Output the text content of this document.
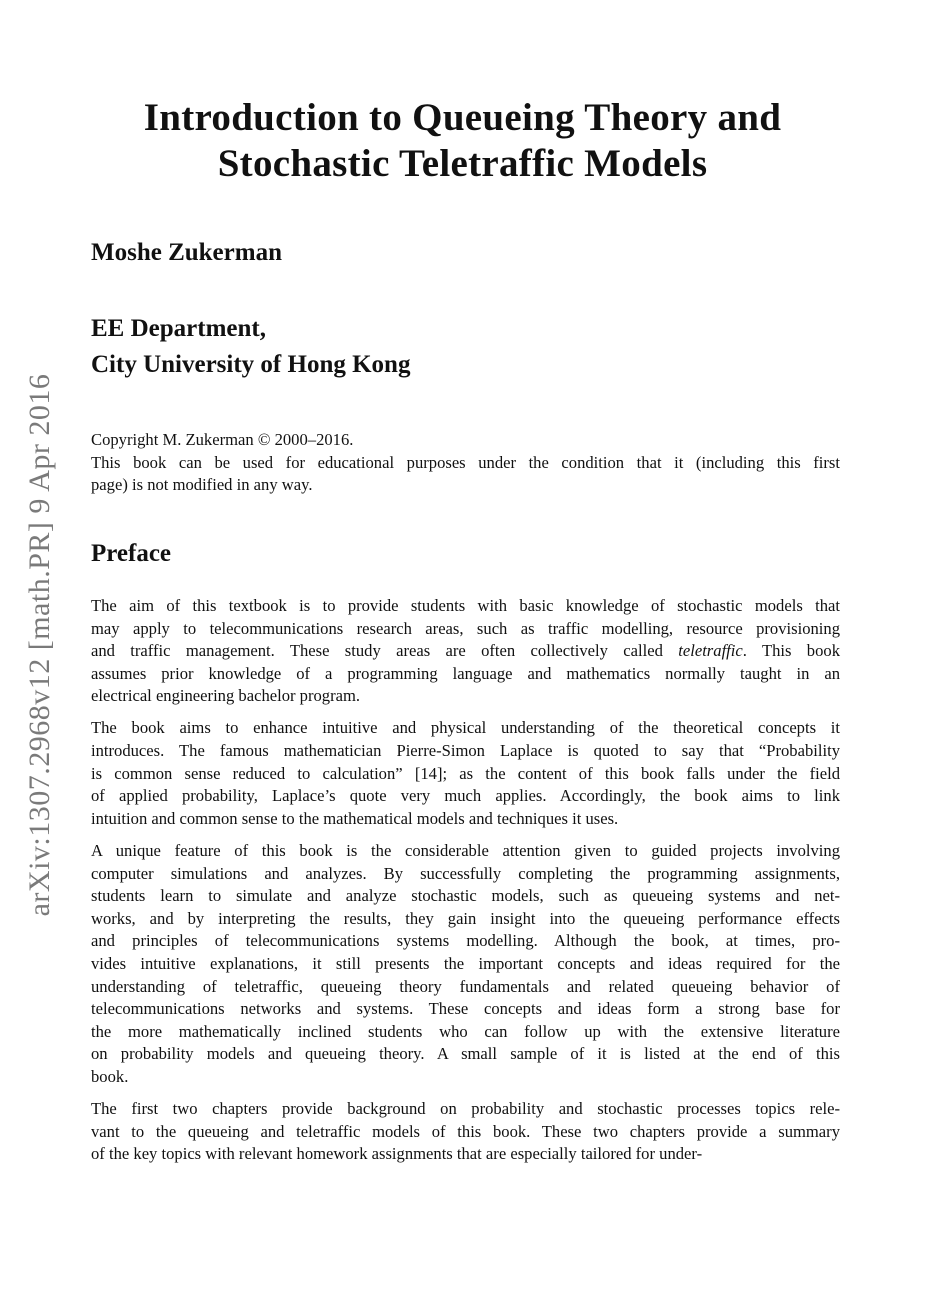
arXiv:1307.2968v12 [math.PR] 9 Apr 2016
Introduction to Queueing Theory and
Stochastic Teletraffic Models
Moshe Zukerman
EE Department,
City University of Hong Kong
Copyright M. Zukerman © 2000–2016.
This book can be used for educational purposes under the condition that it (including this first
page) is not modified in any way.
Preface
The aim of this textbook is to provide students with basic knowledge of stochastic models that
may apply to telecommunications research areas, such as traffic modelling, resource provisioning
and traffic management. These study areas are often collectively called teletraffic. This book
assumes prior knowledge of a programming language and mathematics normally taught in an
electrical engineering bachelor program.
The book aims to enhance intuitive and physical understanding of the theoretical concepts it
introduces. The famous mathematician Pierre-Simon Laplace is quoted to say that “Probability
is common sense reduced to calculation” [14]; as the content of this book falls under the field
of applied probability, Laplace’s quote very much applies. Accordingly, the book aims to link
intuition and common sense to the mathematical models and techniques it uses.
A unique feature of this book is the considerable attention given to guided projects involving
computer simulations and analyzes. By successfully completing the programming assignments,
students learn to simulate and analyze stochastic models, such as queueing systems and net-
works, and by interpreting the results, they gain insight into the queueing performance effects
and principles of telecommunications systems modelling. Although the book, at times, pro-
vides intuitive explanations, it still presents the important concepts and ideas required for the
understanding of teletraffic, queueing theory fundamentals and related queueing behavior of
telecommunications networks and systems. These concepts and ideas form a strong base for
the more mathematically inclined students who can follow up with the extensive literature
on probability models and queueing theory. A small sample of it is listed at the end of this
book.
The first two chapters provide background on probability and stochastic processes topics rele-
vant to the queueing and teletraffic models of this book. These two chapters provide a summary
of the key topics with relevant homework assignments that are especially tailored for under-
